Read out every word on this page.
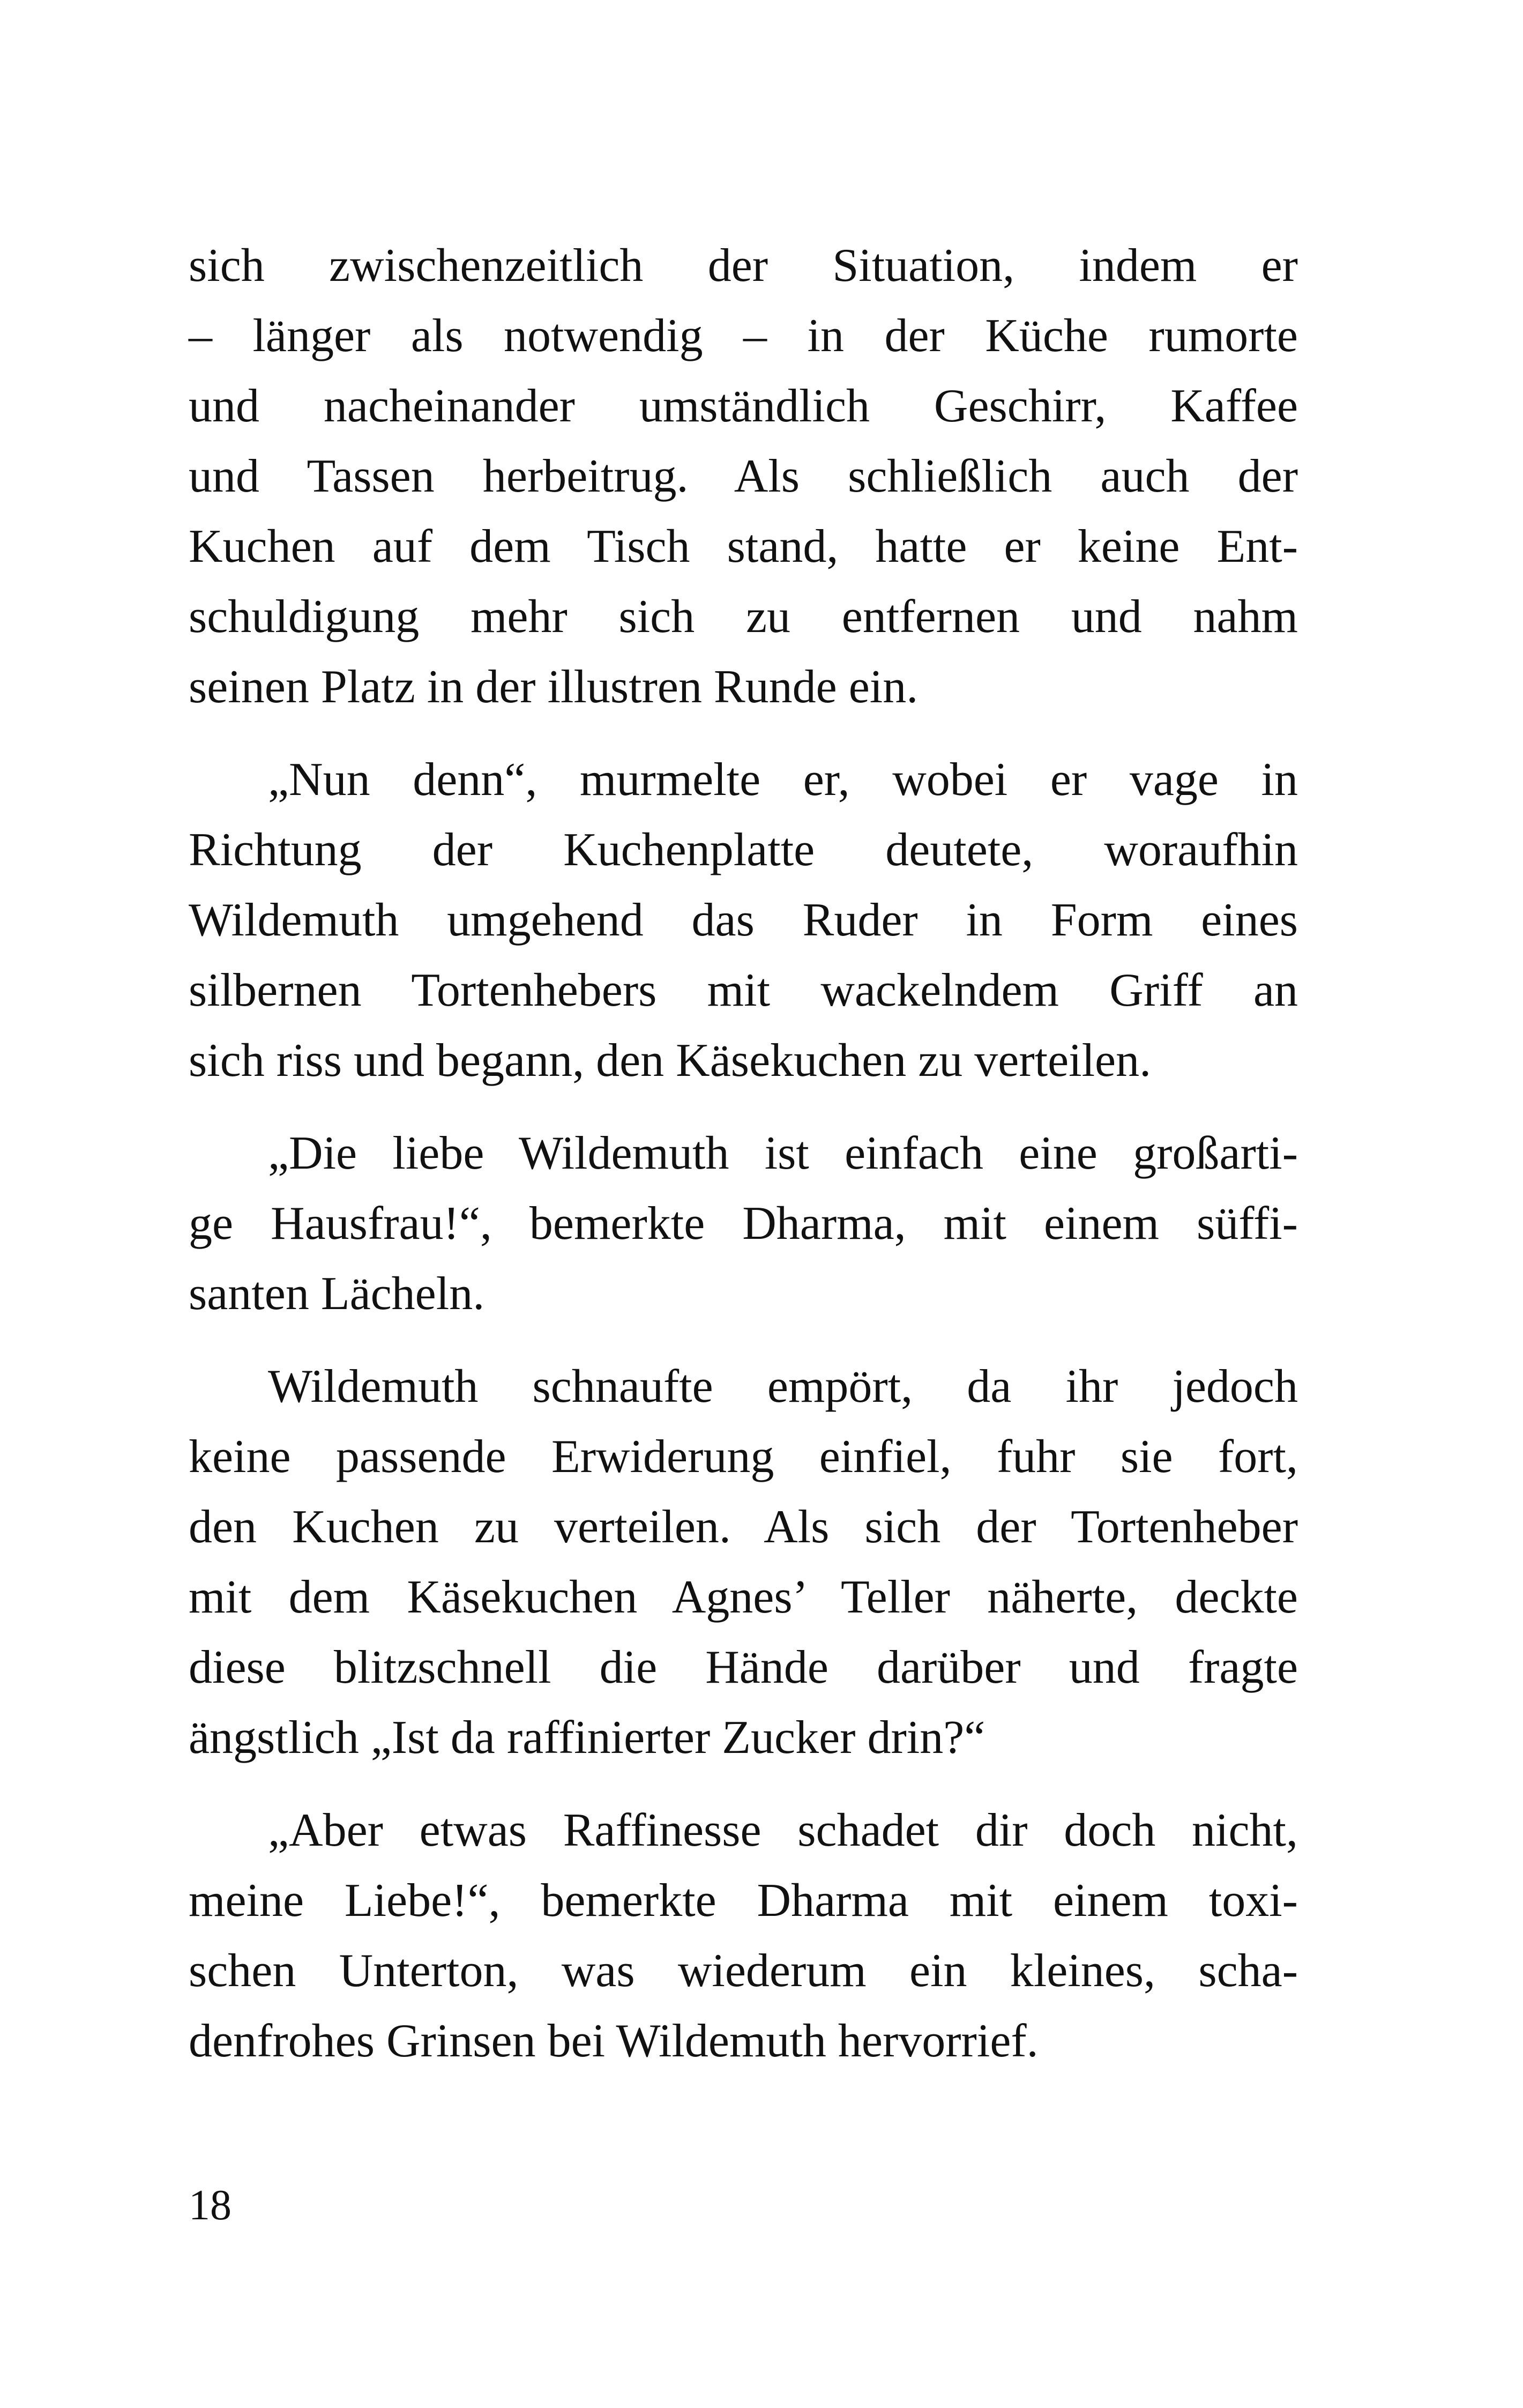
sich zwischenzeitlich der Situation, indem er
– länger als notwendig – in der Küche rumorte
und nacheinander umständlich Geschirr, Kaffee
und Tassen herbeitrug. Als schließlich auch der
Kuchen auf dem Tisch stand, hatte er keine Ent-
schuldigung mehr sich zu entfernen und nahm
seinen Platz in der illustren Runde ein.
„Nun denn“, murmelte er, wobei er vage in
Richtung der Kuchenplatte deutete, woraufhin
Wildemuth umgehend das Ruder in Form eines
silbernen Tortenhebers mit wackelndem Griff an
sich riss und begann, den Käsekuchen zu verteilen.
„Die liebe Wildemuth ist einfach eine großarti-
ge Hausfrau!“, bemerkte Dharma, mit einem süffi-
santen Lächeln.
Wildemuth schnaufte empört, da ihr jedoch
keine passende Erwiderung einfiel, fuhr sie fort,
den Kuchen zu verteilen. Als sich der Tortenheber
mit dem Käsekuchen Agnes’ Teller näherte, deckte
diese blitzschnell die Hände darüber und fragte
ängstlich „Ist da raffinierter Zucker drin?“
„Aber etwas Raffinesse schadet dir doch nicht,
meine Liebe!“, bemerkte Dharma mit einem toxi-
schen Unterton, was wiederum ein kleines, scha-
denfrohes Grinsen bei Wildemuth hervorrief.
18
